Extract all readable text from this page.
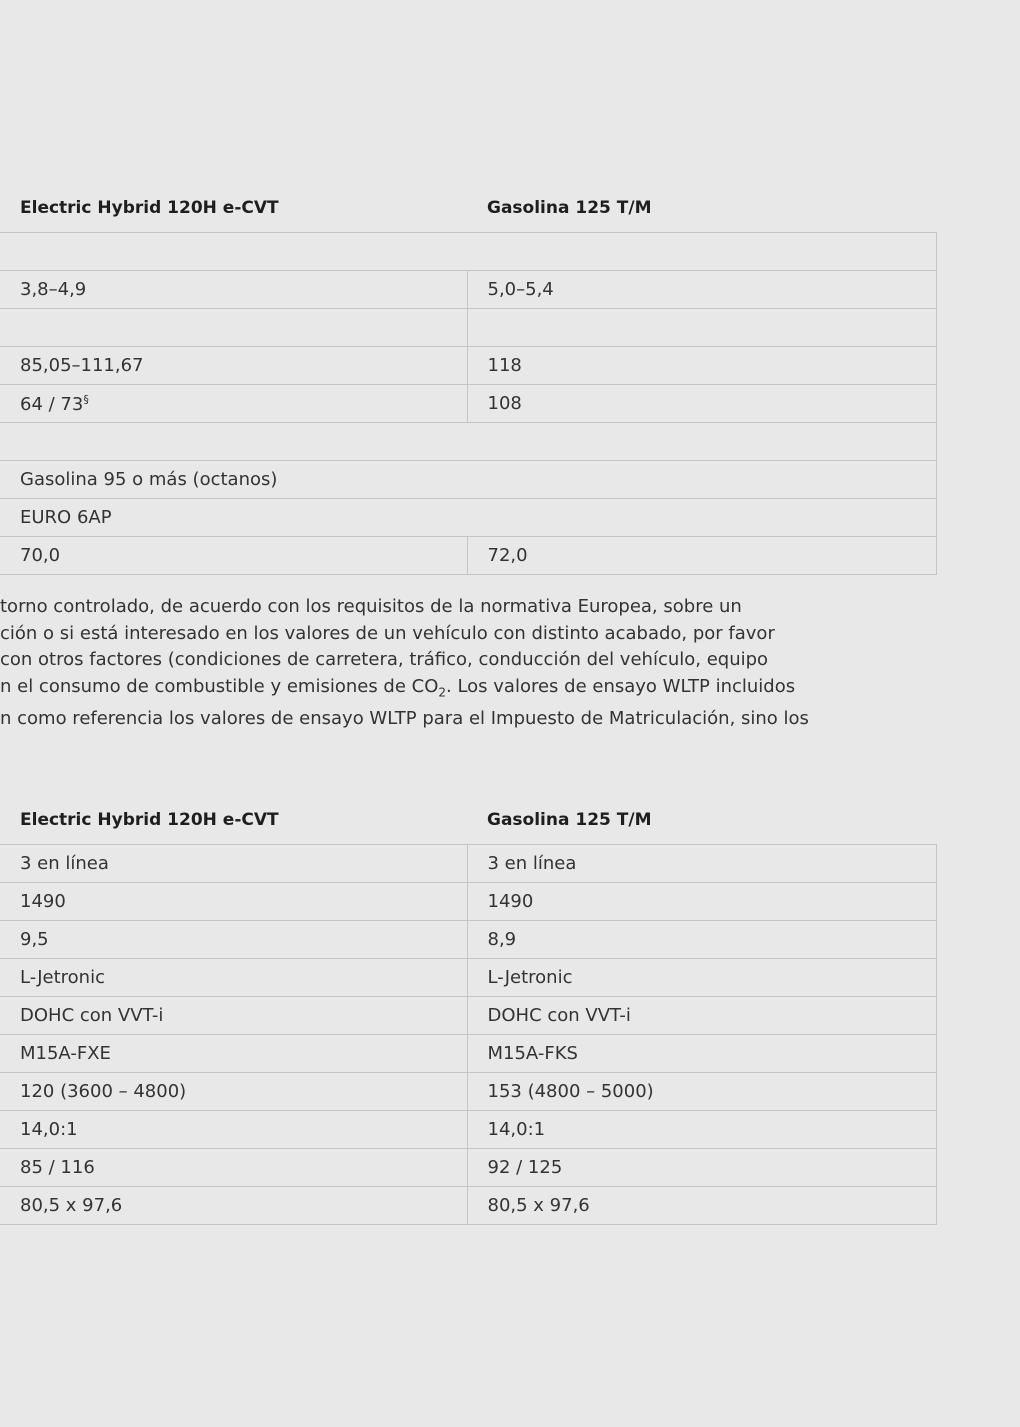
Electric Hybrid 120H e-CVT	Gasolina 125 T/M

3,8–4,9	5,0–5,4

85,05–111,67	118
64 / 73§	108

Gasolina 95 o más (octanos)	
EURO 6AP	
70,0	72,0
torno controlado, de acuerdo con los requisitos de la normativa Europea, sobre un
ción o si está interesado en los valores de un vehículo con distinto acabado, por favor
con otros factores (condiciones de carretera, tráfico, conducción del vehículo, equipo
n el consumo de combustible y emisiones de $CO_2$. Los valores de ensayo WLTP incluidos
n como referencia los valores de ensayo WLTP para el Impuesto de Matriculación, sino los
Electric Hybrid 120H e-CVT	Gasolina 125 T/M
3 en línea	3 en línea
1490	1490
9,5	8,9
L-Jetronic	L-Jetronic
DOHC con VVT-i	DOHC con VVT-i
M15A-FXE	M15A-FKS
120 (3600 – 4800)	153 (4800 – 5000)
14,0:1	14,0:1
85 / 116	92 / 125
80,5 x 97,6	80,5 x 97,6
